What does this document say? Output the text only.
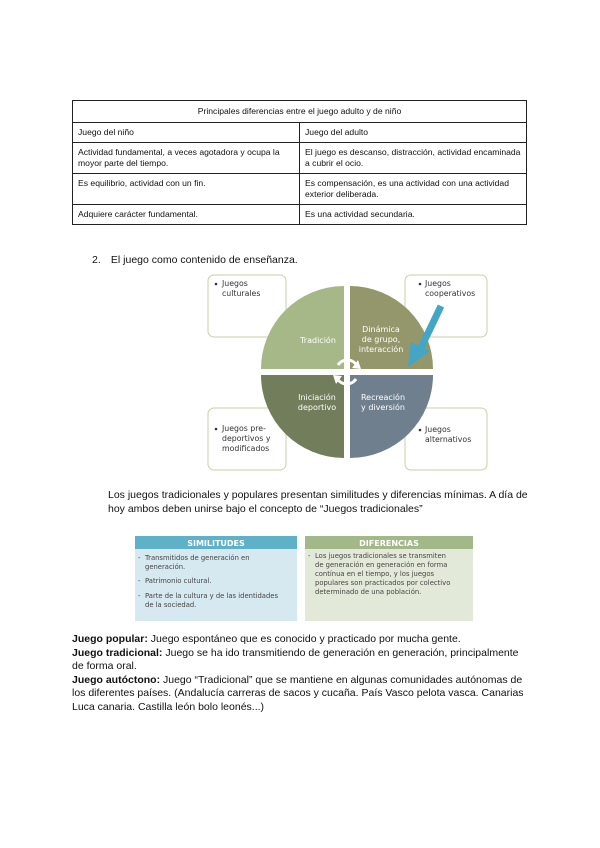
Principales diferencias entre el juego adulto y de niño	
Juego del niño	Juego del adulto
Actividad fundamental, a veces agotadora y ocupa la moyor parte del tiempo.	El juego es descanso, distracción, actividad encaminada a cubrir el ocio.
Es equilibrio, actividad con un fin.	Es compensación, es una actividad con una actividad exterior deliberada.
Adquiere carácter fundamental.	Es una actividad secundaria.
2. El juego como contenido de enseñanza.
Juegos
culturales
Juegos
cooperativos
Juegos pre-
deportivos y
modificados
Juegos
alternativos
Tradición
Dinámica
de grupo,
interacción
Iniciación
deportivo
Recreación
y diversión
Los juegos tradicionales y populares presentan similitudes y diferencias mínimas. A día de hoy ambos deben unirse bajo el concepto de “Juegos tradicionales”
SIMILITUDES
- Transmitidos de generación en
generación.
- Patrimonio cultural.
- Parte de la cultura y de las identidades
de la sociedad.
DIFERENCIAS
- Los juegos tradicionales se transmiten
de generación en generación en forma
contínua en el tiempo, y los juegos
populares son practicados por colectivo
determinado de una población.
Juego popular: Juego espontáneo que es conocido y practicado por mucha gente.
Juego tradicional: Juego se ha ido transmitiendo de generación en generación, principalmente de forma oral.
Juego autóctono: Juego “Tradicional” que se mantiene en algunas comunidades autónomas de los diferentes países. (Andalucía carreras de sacos y cucaña. País Vasco pelota vasca. Canarias Luca canaria. Castilla león bolo leonés...)
